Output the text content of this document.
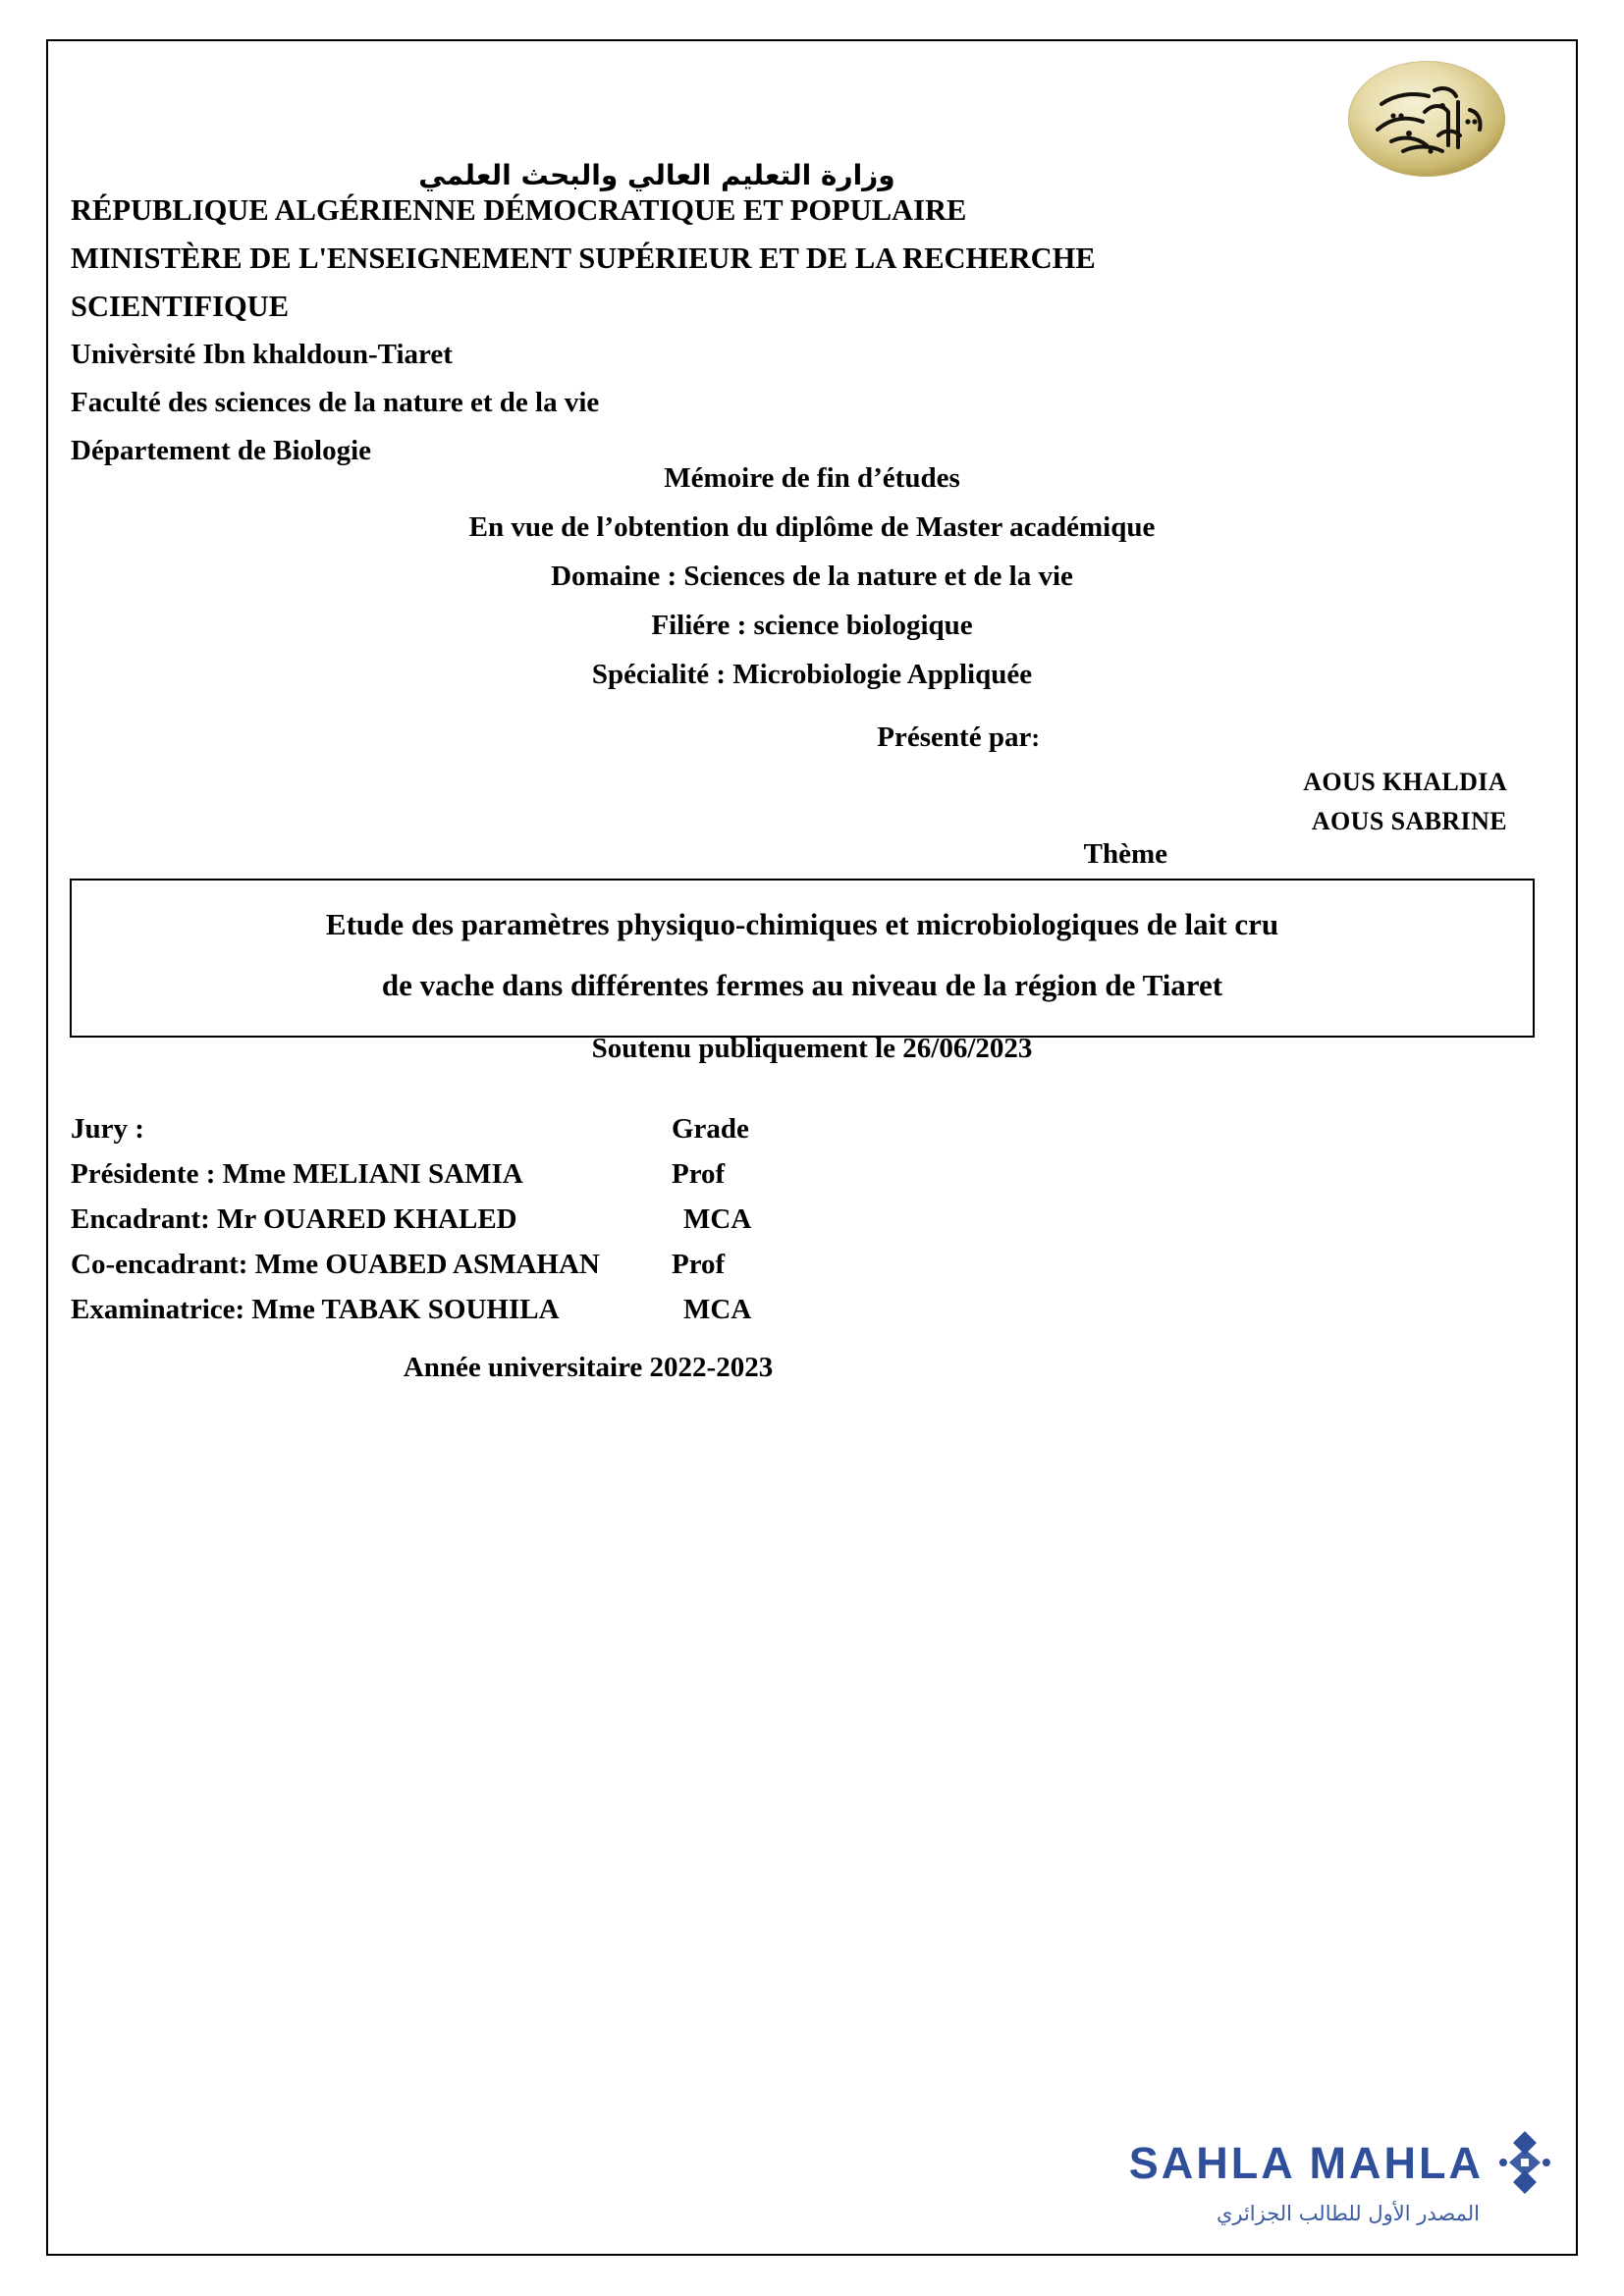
وزارة التعليم العالي والبحث العلمي
RÉPUBLIQUE ALGÉRIENNE DÉMOCRATIQUE ET POPULAIRE
MINISTÈRE DE L'ENSEIGNEMENT SUPÉRIEUR ET DE LA RECHERCHE
SCIENTIFIQUE
Univèrsité Ibn khaldoun-Tiaret
Faculté des sciences de la nature et de la vie
Département de Biologie
Mémoire de fin d’études
En vue de l’obtention du diplôme de Master académique
Domaine : Sciences de la nature et de la vie
Filiére : science biologique
Spécialité : Microbiologie Appliquée
Présenté par:
AOUS KHALDIA
AOUS SABRINE
Thème
Etude des paramètres physiquo-chimiques et microbiologiques de lait cru
de vache dans différentes fermes au niveau de la région de Tiaret
Soutenu publiquement le 26/06/2023
Jury :	Grade
Présidente : Mme MELIANI SAMIA	Prof
Encadrant: Mr OUARED KHALED	MCA
Co-encadrant: Mme OUABED ASMAHAN	Prof
Examinatrice: Mme TABAK SOUHILA	MCA
Année universitaire 2022-2023
SAHLA MAHLA
المصدر الأول للطالب الجزائري
